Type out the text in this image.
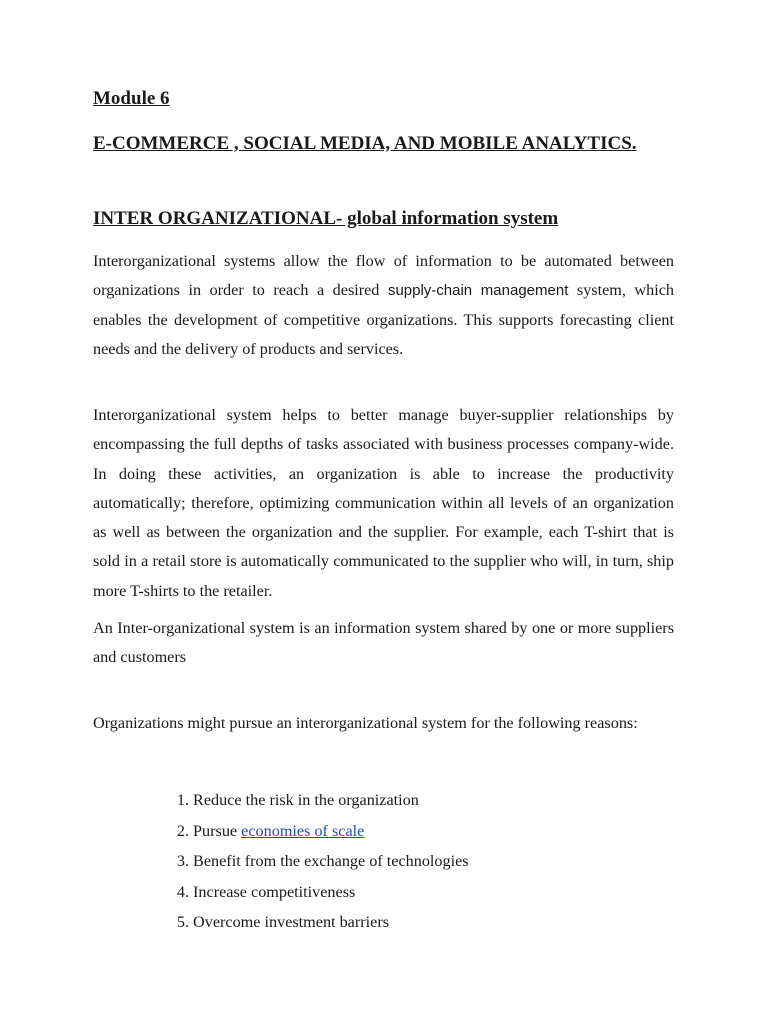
Module 6
E-COMMERCE , SOCIAL MEDIA, AND MOBILE ANALYTICS.
INTER ORGANIZATIONAL- global information system

Interorganizational systems allow the flow of information to be automated between organizations in order to reach a desired supply-chain management system, which enables the development of competitive organizations. This supports forecasting client needs and the delivery of products and services.

Interorganizational system helps to better manage buyer-supplier relationships by encompassing the full depths of tasks associated with business processes company-wide. In doing these activities, an organization is able to increase the productivity automatically; therefore, optimizing communication within all levels of an organization as well as between the organization and the supplier. For example, each T-shirt that is sold in a retail store is automatically communicated to the supplier who will, in turn, ship more T-shirts to the retailer.

An Inter-organizational system is an information system shared by one or more suppliers and customers

Organizations might pursue an interorganizational system for the following reasons:

1. Reduce the risk in the organization
2. Pursue economies of scale
3. Benefit from the exchange of technologies
4. Increase competitiveness
5. Overcome investment barriers
